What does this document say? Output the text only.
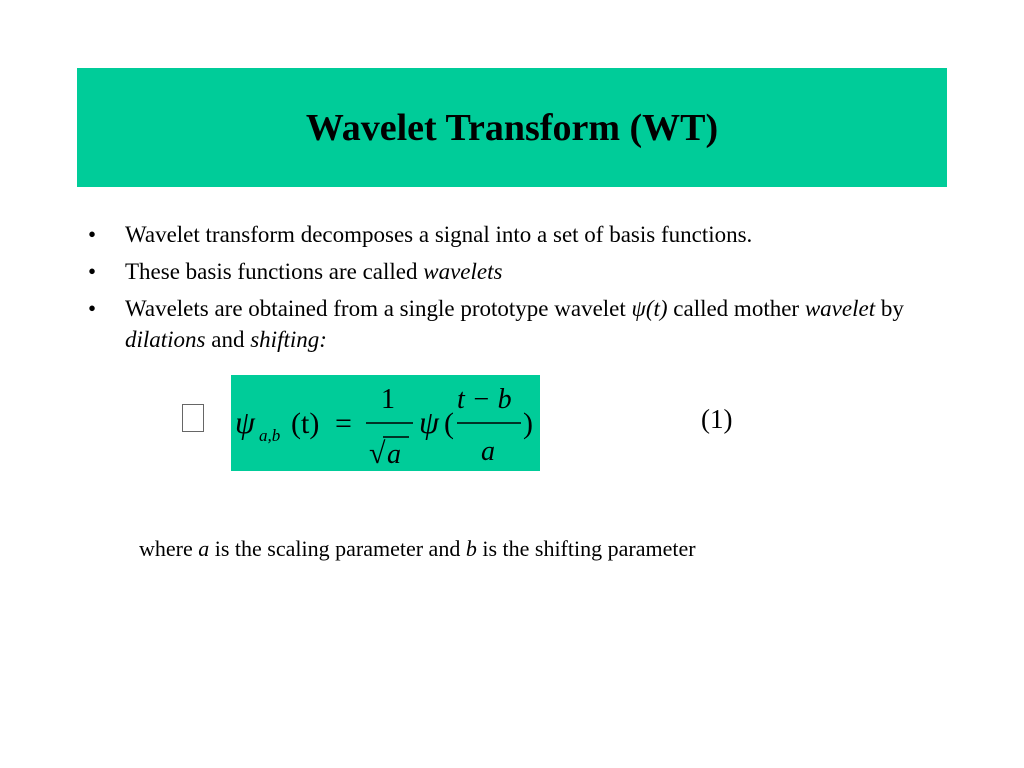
Wavelet Transform (WT)
• Wavelet transform decomposes a signal into a set of basis functions.
• These basis functions are called wavelets
• Wavelets are obtained from a single prototype wavelet ψ(t) called mother wavelet by dilations and shifting:
ψ a,b (t) =
1
√ a
ψ (
t − b
a
)	(1)
where a is the scaling parameter and b is the shifting parameter
